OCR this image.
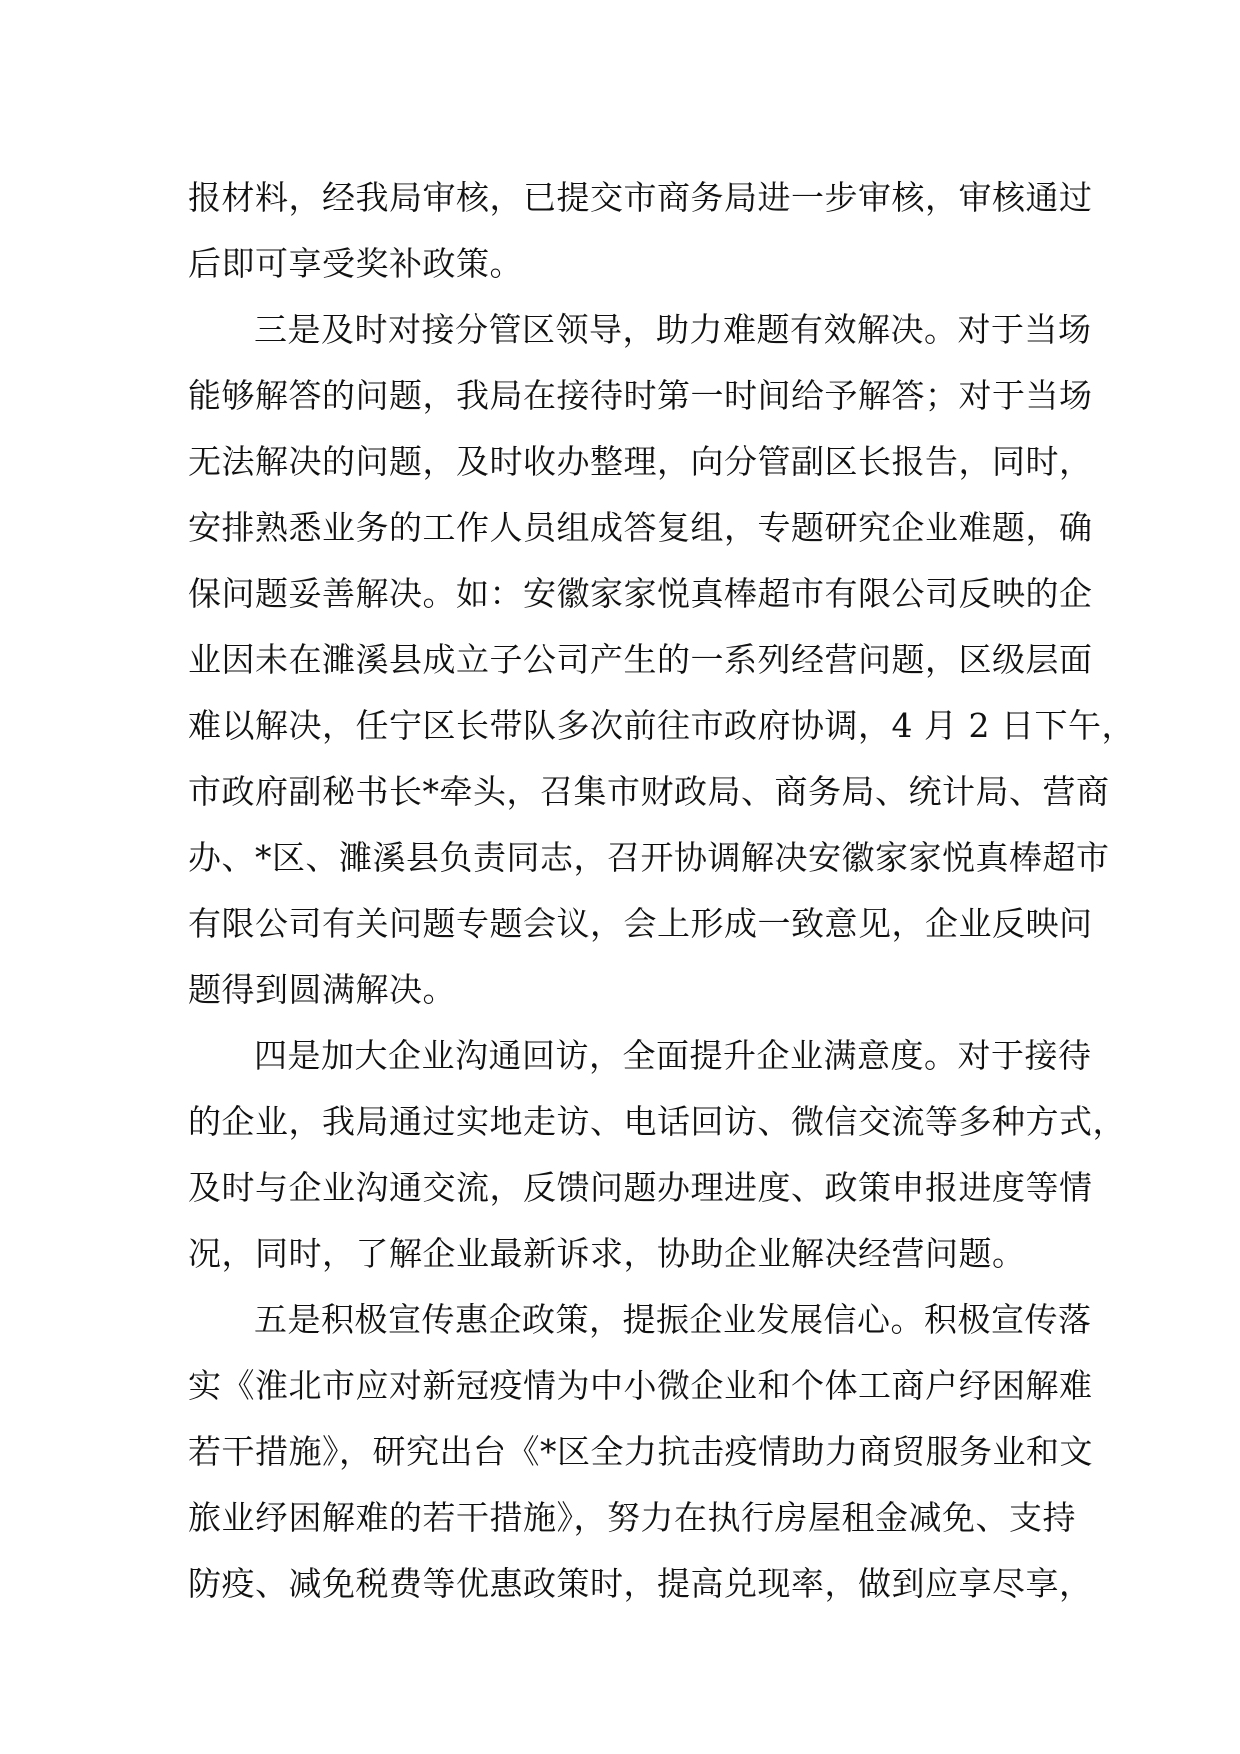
报材料，经我局审核，已提交市商务局进一步审核，审核通过
后即可享受奖补政策。
三是及时对接分管区领导，助力难题有效解决。对于当场
能够解答的问题，我局在接待时第一时间给予解答；对于当场
无法解决的问题，及时收办整理，向分管副区长报告，同时，
安排熟悉业务的工作人员组成答复组，专题研究企业难题，确
保问题妥善解决。如：安徽家家悦真棒超市有限公司反映的企
业因未在濉溪县成立子公司产生的一系列经营问题，区级层面
难以解决，任宁区长带队多次前往市政府协调，4 月 2 日下午，
市政府副秘书长*牵头，召集市财政局、商务局、统计局、营商
办、*区、濉溪县负责同志，召开协调解决安徽家家悦真棒超市
有限公司有关问题专题会议，会上形成一致意见，企业反映问
题得到圆满解决。
四是加大企业沟通回访，全面提升企业满意度。对于接待
的企业，我局通过实地走访、电话回访、微信交流等多种方式，
及时与企业沟通交流，反馈问题办理进度、政策申报进度等情
况，同时，了解企业最新诉求，协助企业解决经营问题。
五是积极宣传惠企政策，提振企业发展信心。积极宣传落
实《淮北市应对新冠疫情为中小微企业和个体工商户纾困解难
若干措施》，研究出台《*区全力抗击疫情助力商贸服务业和文
旅业纾困解难的若干措施》，努力在执行房屋租金减免、支持
防疫、减免税费等优惠政策时，提高兑现率，做到应享尽享，
